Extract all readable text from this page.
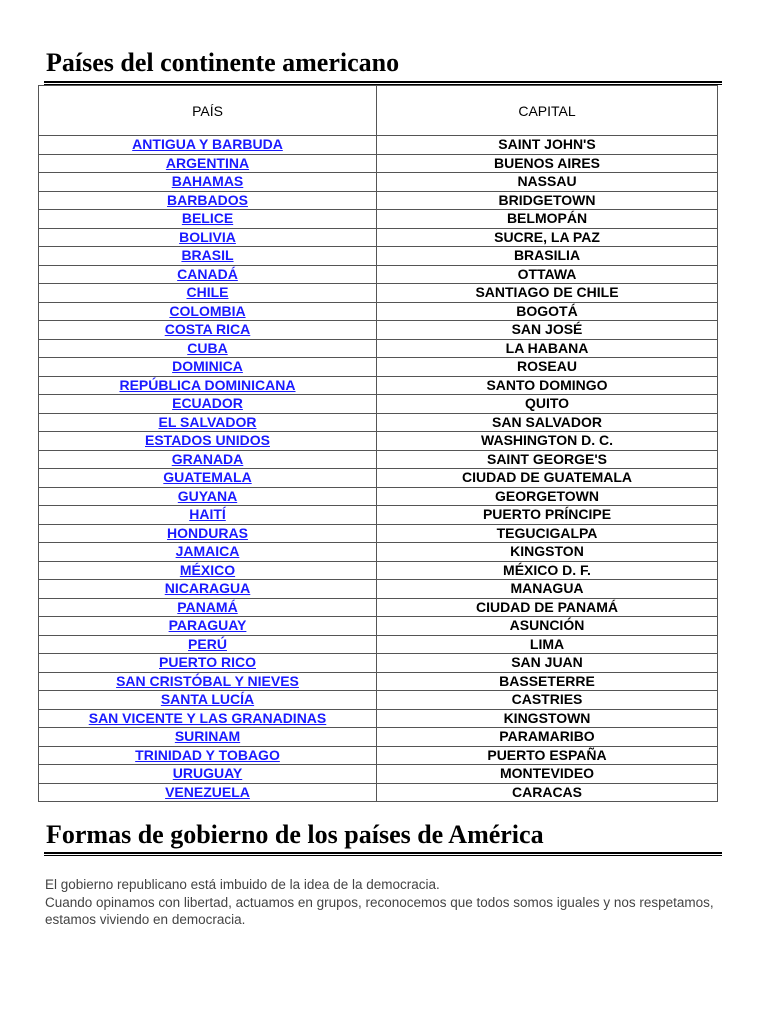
Países del continente americano
PAÍS	CAPITAL
ANTIGUA Y BARBUDA	SAINT JOHN'S
ARGENTINA	BUENOS AIRES
BAHAMAS	NASSAU
BARBADOS	BRIDGETOWN
BELICE	BELMOPÁN
BOLIVIA	SUCRE, LA PAZ
BRASIL	BRASILIA
CANADÁ	OTTAWA
CHILE	SANTIAGO DE CHILE
COLOMBIA	BOGOTÁ
COSTA RICA	SAN JOSÉ
CUBA	LA HABANA
DOMINICA	ROSEAU
REPÚBLICA DOMINICANA	SANTO DOMINGO
ECUADOR	QUITO
EL SALVADOR	SAN SALVADOR
ESTADOS UNIDOS	WASHINGTON D. C.
GRANADA	SAINT GEORGE'S
GUATEMALA	CIUDAD DE GUATEMALA
GUYANA	GEORGETOWN
HAITÍ	PUERTO PRÍNCIPE
HONDURAS	TEGUCIGALPA
JAMAICA	KINGSTON
MÉXICO	MÉXICO D. F.
NICARAGUA	MANAGUA
PANAMÁ	CIUDAD DE PANAMÁ
PARAGUAY	ASUNCIÓN
PERÚ	LIMA
PUERTO RICO	SAN JUAN
SAN CRISTÓBAL Y NIEVES	BASSETERRE
SANTA LUCÍA	CASTRIES
SAN VICENTE Y LAS GRANADINAS	KINGSTOWN
SURINAM	PARAMARIBO
TRINIDAD Y TOBAGO	PUERTO ESPAÑA
URUGUAY	MONTEVIDEO
VENEZUELA	CARACAS
Formas de gobierno de los países de América

El gobierno republicano está imbuido de la idea de la democracia.
Cuando opinamos con libertad, actuamos en grupos, reconocemos que todos somos iguales y nos respetamos, estamos viviendo en democracia.
